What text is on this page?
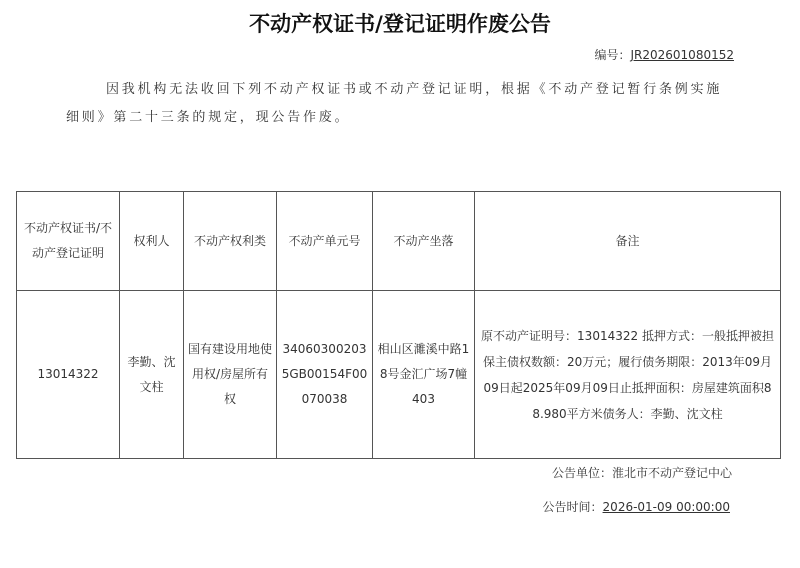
不动产权证书/登记证明作废公告
编号：JR202601080152
因我机构无法收回下列不动产权证书或不动产登记证明，根据《不动产登记暂行条例实施细则》第二十三条的规定，现公告作废。
不动产权证书/不动产登记证明	权利人	不动产权利类	不动产单元号	不动产坐落	备注
13014322	李勤、沈文柱	国有建设用地使用权/房屋所有权	340603002035GB00154F00070038	相山区濉溪中路18号金汇广场7幢403	原不动产证明号：13014322 抵押方式：一般抵押被担保主债权数额：20万元；履行债务期限：2013年09月09日起2025年09月09日止抵押面积：房屋建筑面积88.980平方米债务人：李勤、沈文柱
公告单位：淮北市不动产登记中心
公告时间：2026-01-09 00:00:00
